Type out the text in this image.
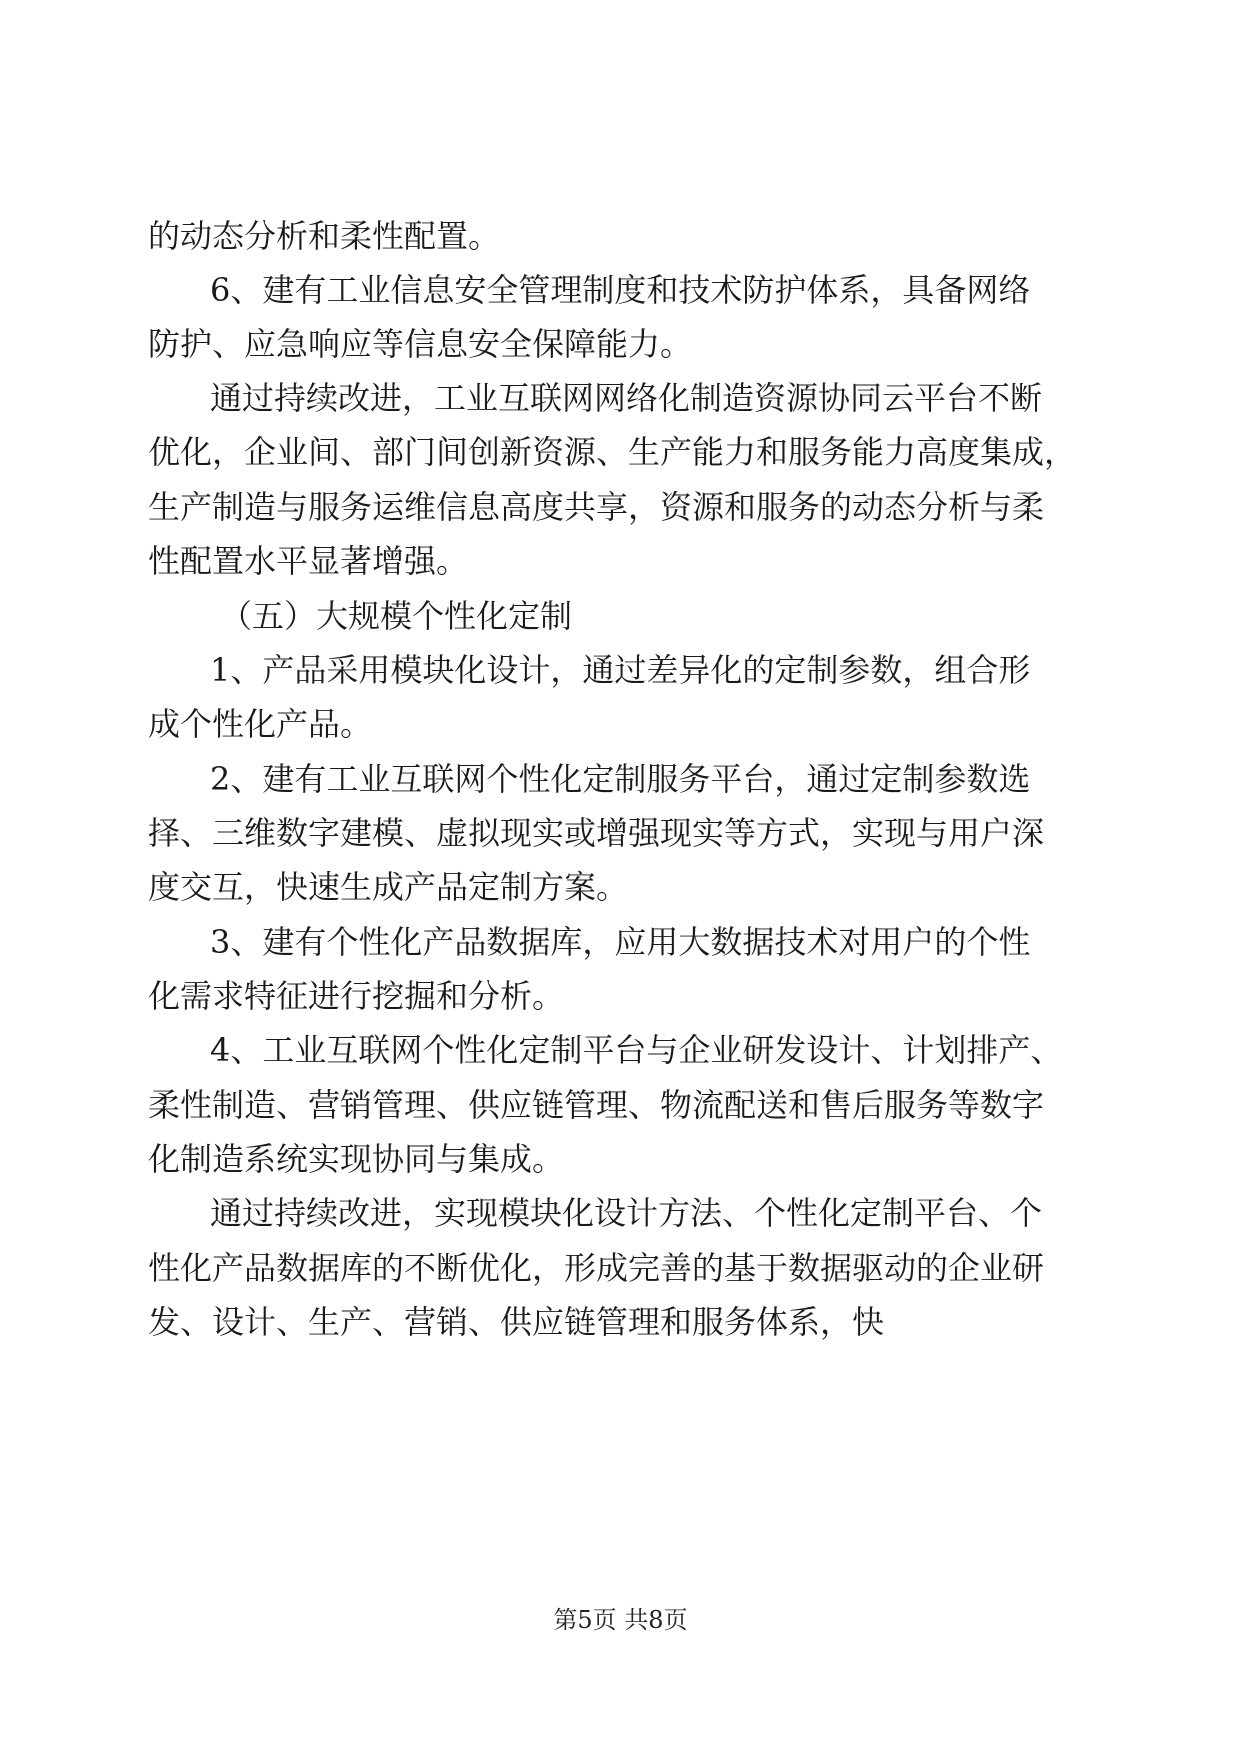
的动态分析和柔性配置。
6、建有工业信息安全管理制度和技术防护体系，具备网络
防护、应急响应等信息安全保障能力。
通过持续改进，工业互联网网络化制造资源协同云平台不断
优化，企业间、部门间创新资源、生产能力和服务能力高度集成，
生产制造与服务运维信息高度共享，资源和服务的动态分析与柔
性配置水平显著增强。
（五）大规模个性化定制
1、产品采用模块化设计，通过差异化的定制参数，组合形
成个性化产品。
2、建有工业互联网个性化定制服务平台，通过定制参数选
择、三维数字建模、虚拟现实或增强现实等方式，实现与用户深
度交互，快速生成产品定制方案。
3、建有个性化产品数据库，应用大数据技术对用户的个性
化需求特征进行挖掘和分析。
4、工业互联网个性化定制平台与企业研发设计、计划排产、
柔性制造、营销管理、供应链管理、物流配送和售后服务等数字
化制造系统实现协同与集成。
通过持续改进，实现模块化设计方法、个性化定制平台、个
性化产品数据库的不断优化，形成完善的基于数据驱动的企业研
发、设计、生产、营销、供应链管理和服务体系，快
第5页 共8页
